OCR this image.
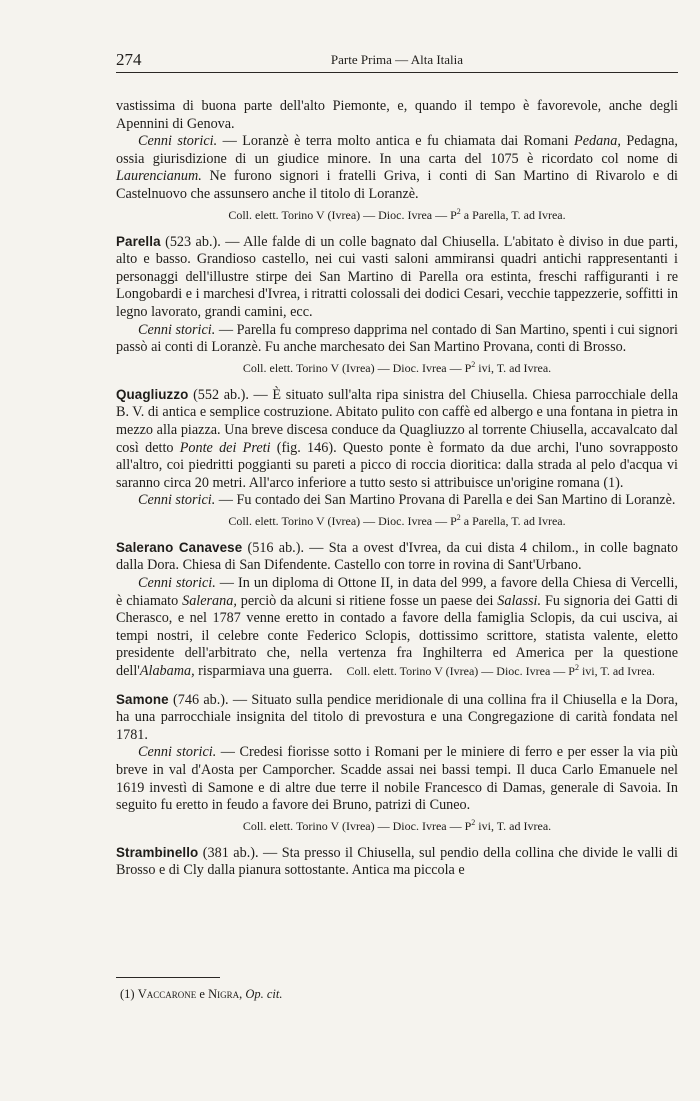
274	Parte Prima — Alta Italia

vastissima di buona parte dell'alto Piemonte, e, quando il tempo è favorevole, anche degli Apennini di Genova.

Cenni storici. — Loranzè è terra molto antica e fu chiamata dai Romani Pedana, Pedagna, ossia giurisdizione di un giudice minore. In una carta del 1075 è ricordato col nome di Laurencianum. Ne furono signori i fratelli Griva, i conti di San Martino di Rivarolo e di Castelnuovo che assunsero anche il titolo di Loranzè.

Coll. elett. Torino V (Ivrea) — Dioc. Ivrea — $P^2$ a Parella, T. ad Ivrea.

Parella (523 ab.). — Alle falde di un colle bagnato dal Chiusella. L'abitato è diviso in due parti, alto e basso. Grandioso castello, nei cui vasti saloni ammiransi quadri antichi rappresentanti i personaggi dell'illustre stirpe dei San Martino di Parella ora estinta, freschi raffiguranti i re Longobardi e i marchesi d'Ivrea, i ritratti colossali dei dodici Cesari, vecchie tappezzerie, soffitti in legno lavorato, grandi camini, ecc.

Cenni storici. — Parella fu compreso dapprima nel contado di San Martino, spenti i cui signori passò ai conti di Loranzè. Fu anche marchesato dei San Martino Provana, conti di Brosso.

Coll. elett. Torino V (Ivrea) — Dioc. Ivrea — $P^2$ ivi, T. ad Ivrea.

Quagliuzzo (552 ab.). — È situato sull'alta ripa sinistra del Chiusella. Chiesa parrocchiale della B. V. di antica e semplice costruzione. Abitato pulito con caffè ed albergo e una fontana in pietra in mezzo alla piazza. Una breve discesa conduce da Quagliuzzo al torrente Chiusella, accavalcato dal così detto Ponte dei Preti (fig. 146). Questo ponte è formato da due archi, l'uno sovrapposto all'altro, coi piedritti poggianti su pareti a picco di roccia dioritica: dalla strada al pelo d'acqua vi saranno circa 20 metri. All'arco inferiore a tutto sesto si attribuisce un'origine romana (1).

Cenni storici. — Fu contado dei San Martino Provana di Parella e dei San Martino di Loranzè.

Coll. elett. Torino V (Ivrea) — Dioc. Ivrea — $P^2$ a Parella, T. ad Ivrea.

Salerano Canavese (516 ab.). — Sta a ovest d'Ivrea, da cui dista 4 chilom., in colle bagnato dalla Dora. Chiesa di San Difendente. Castello con torre in rovina di Sant'Urbano.

Cenni storici. — In un diploma di Ottone II, in data del 999, a favore della Chiesa di Vercelli, è chiamato Salerana, perciò da alcuni si ritiene fosse un paese dei Salassi. Fu signoria dei Gatti di Cherasco, e nel 1787 venne eretto in contado a favore della famiglia Sclopis, da cui usciva, ai tempi nostri, il celebre conte Federico Sclopis, dottissimo scrittore, statista valente, eletto presidente dell'arbitrato che, nella vertenza fra Inghilterra ed America per la questione dell'Alabama, risparmiava una guerra. Coll. elett. Torino V (Ivrea) — Dioc. Ivrea — $P^2$ ivi, T. ad Ivrea.

Samone (746 ab.). — Situato sulla pendice meridionale di una collina fra il Chiusella e la Dora, ha una parrocchiale insignita del titolo di prevostura e una Congregazione di carità fondata nel 1781.

Cenni storici. — Credesi fiorisse sotto i Romani per le miniere di ferro e per esser la via più breve in val d'Aosta per Camporcher. Scadde assai nei bassi tempi. Il duca Carlo Emanuele nel 1619 investì di Samone e di altre due terre il nobile Francesco di Damas, generale di Savoia. In seguito fu eretto in feudo a favore dei Bruno, patrizi di Cuneo.

Coll. elett. Torino V (Ivrea) — Dioc. Ivrea — $P^2$ ivi, T. ad Ivrea.

Strambinello (381 ab.). — Sta presso il Chiusella, sul pendio della collina che divide le valli di Brosso e di Cly dalla pianura sottostante. Antica ma piccola e

(1) Vaccarone e Nigra, Op. cit.
